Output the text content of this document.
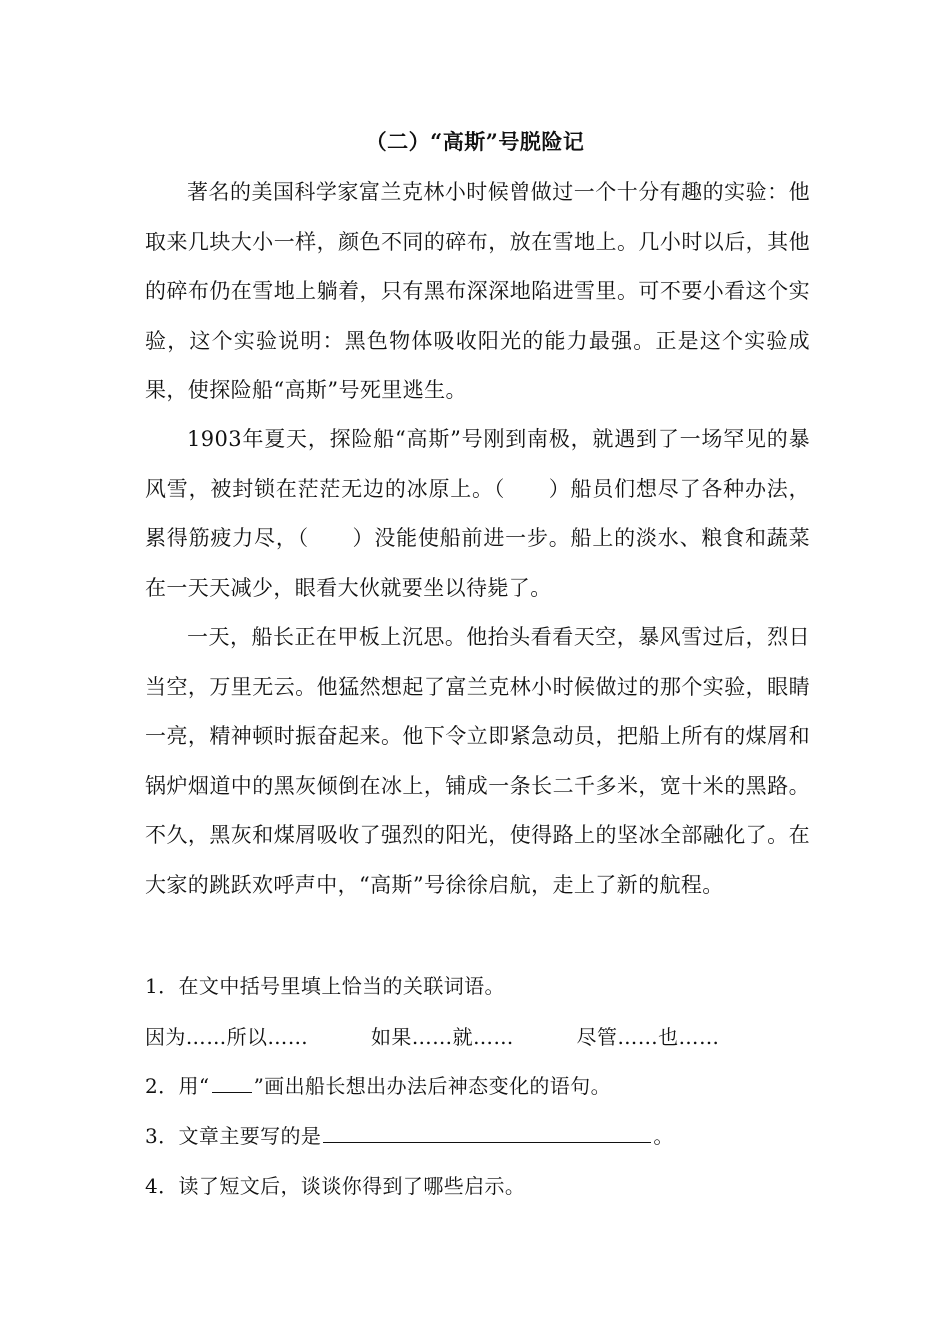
（二）“高斯”号脱险记
著名的美国科学家富兰克林小时候曾做过一个十分有趣的实验：他取来几块大小一样，颜色不同的碎布，放在雪地上。几小时以后，其他的碎布仍在雪地上躺着，只有黑布深深地陷进雪里。可不要小看这个实验，这个实验说明：黑色物体吸收阳光的能力最强。正是这个实验成果，使探险船“高斯”号死里逃生。
1903年夏天，探险船“高斯”号刚到南极，就遇到了一场罕见的暴风雪，被封锁在茫茫无边的冰原上。（　　）船员们想尽了各种办法，累得筋疲力尽，（　　）没能使船前进一步。船上的淡水、粮食和蔬菜在一天天减少，眼看大伙就要坐以待毙了。
一天，船长正在甲板上沉思。他抬头看看天空，暴风雪过后，烈日当空，万里无云。他猛然想起了富兰克林小时候做过的那个实验，眼睛一亮，精神顿时振奋起来。他下令立即紧急动员，把船上所有的煤屑和锅炉烟道中的黑灰倾倒在冰上，铺成一条长二千多米，宽十米的黑路。不久，黑灰和煤屑吸收了强烈的阳光，使得路上的坚冰全部融化了。在大家的跳跃欢呼声中，“高斯”号徐徐启航，走上了新的航程。
1．在文中括号里填上恰当的关联词语。
因为……所以……	如果……就……	尽管……也……
2．用“ ”画出船长想出办法后神态变化的语句。
3．文章主要写的是	。
4．读了短文后，谈谈你得到了哪些启示。
